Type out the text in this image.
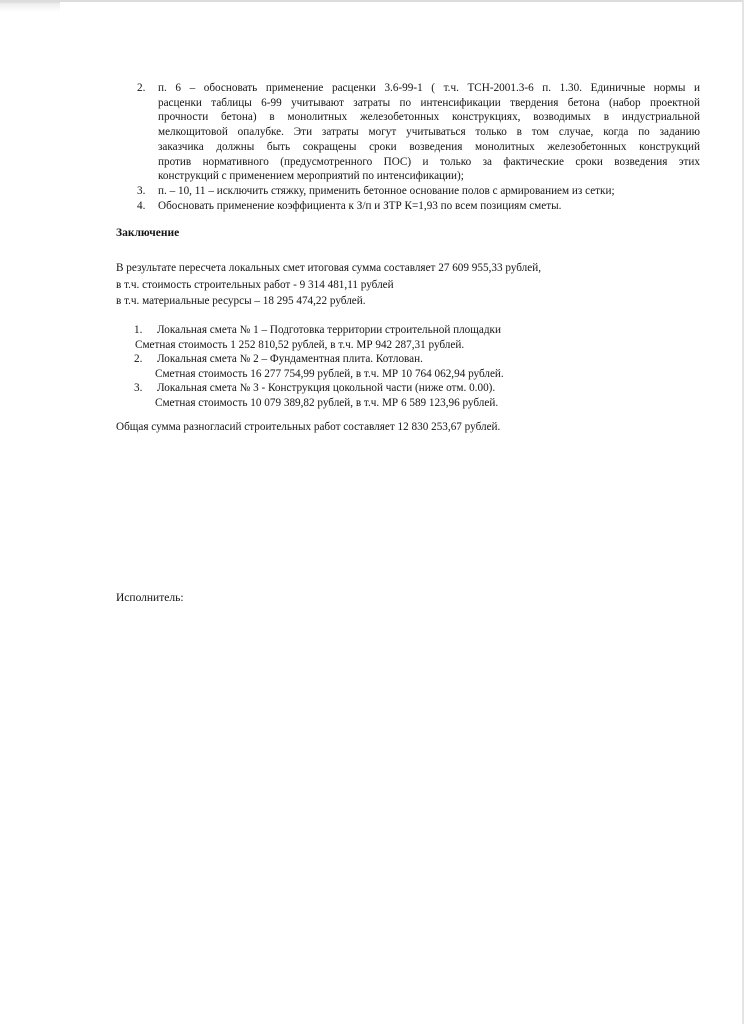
2.	п. 6 – обосновать применение расценки 3.6-99-1 ( т.ч. ТСН-2001.3-6 п. 1.30. Единичные нормы и
расценки таблицы 6-99 учитывают затраты по интенсификации твердения бетона (набор проектной
прочности бетона) в монолитных железобетонных конструкциях, возводимых в индустриальной
мелкощитовой опалубке. Эти затраты могут учитываться только в том случае, когда по заданию
заказчика должны быть сокращены сроки возведения монолитных железобетонных конструкций
против нормативного (предусмотренного ПОС) и только за фактические сроки возведения этих
конструкций с применением мероприятий по интенсификации);
3.	п. – 10, 11 – исключить стяжку, применить бетонное основание полов с армированием из сетки;
4.	Обосновать применение коэффициента к З/п и ЗТР К=1,93 по всем позициям сметы.
Заключение
В результате пересчета локальных смет итоговая сумма составляет 27 609 955,33 рублей,
в т.ч. стоимость строительных работ - 9 314 481,11 рублей
в т.ч. материальные ресурсы – 18 295 474,22 рублей.
1. Локальная смета № 1 – Подготовка территории строительной площадки
Сметная стоимость 1 252 810,52 рублей, в т.ч. МР 942 287,31 рублей.
2. Локальная смета № 2 – Фундаментная плита. Котлован.
Сметная стоимость 16 277 754,99 рублей, в т.ч. МР 10 764 062,94 рублей.
3. Локальная смета № 3 - Конструкция цокольной части (ниже отм. 0.00).
Сметная стоимость 10 079 389,82 рублей, в т.ч. МР 6 589 123,96 рублей.
Общая сумма разногласий строительных работ составляет 12 830 253,67 рублей.
Исполнитель:
